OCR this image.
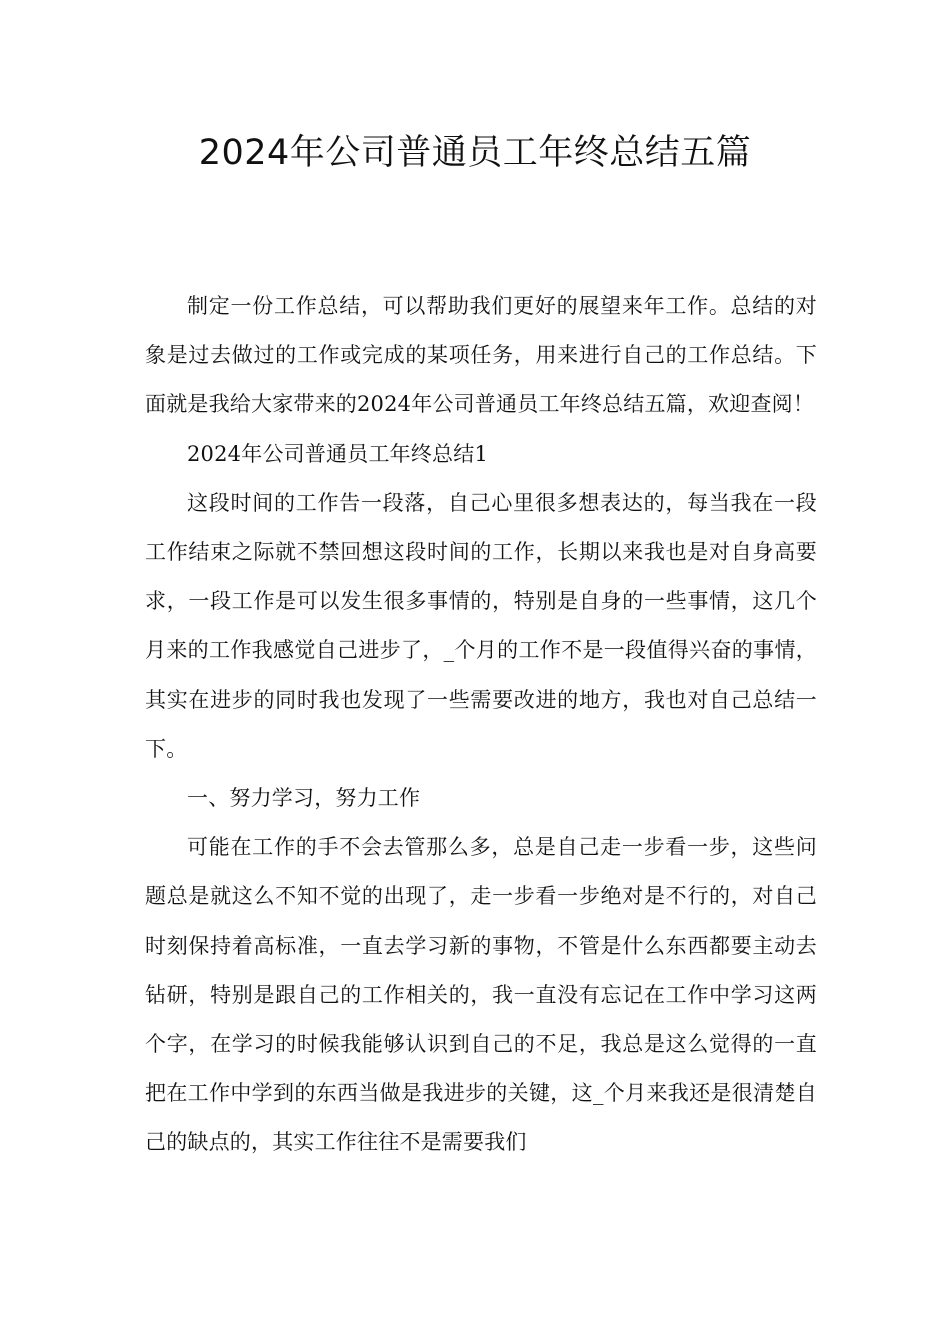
2024年公司普通员工年终总结五篇

制定一份工作总结，可以帮助我们更好的展望来年工作。总结的对象是过去做过的工作或完成的某项任务，用来进行自己的工作总结。下面就是我给大家带来的2024年公司普通员工年终总结五篇，欢迎查阅！

2024年公司普通员工年终总结1

这段时间的工作告一段落，自己心里很多想表达的，每当我在一段工作结束之际就不禁回想这段时间的工作，长期以来我也是对自身高要求，一段工作是可以发生很多事情的，特别是自身的一些事情，这几个月来的工作我感觉自己进步了，_个月的工作不是一段值得兴奋的事情，其实在进步的同时我也发现了一些需要改进的地方，我也对自己总结一下。

一、努力学习，努力工作

可能在工作的手不会去管那么多，总是自己走一步看一步，这些问题总是就这么不知不觉的出现了，走一步看一步绝对是不行的，对自己时刻保持着高标准，一直去学习新的事物，不管是什么东西都要主动去钻研，特别是跟自己的工作相关的，我一直没有忘记在工作中学习这两个字，在学习的时候我能够认识到自己的不足，我总是这么觉得的一直把在工作中学到的东西当做是我进步的关键，这_个月来我还是很清楚自己的缺点的，其实工作往往不是需要我们
